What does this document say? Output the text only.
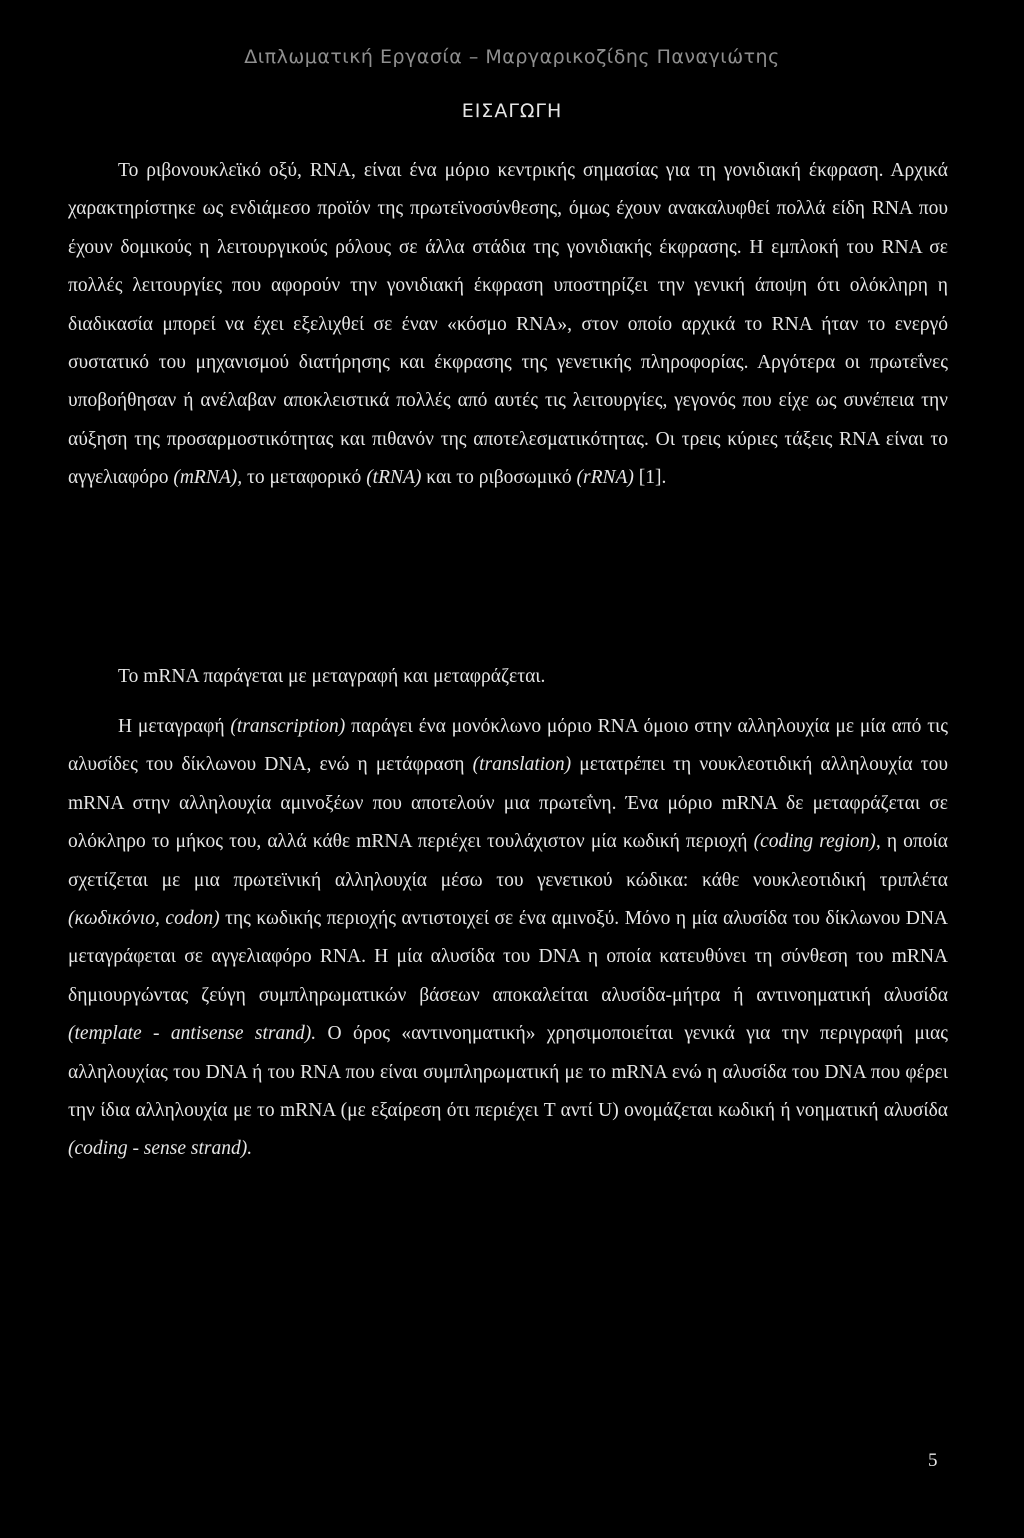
Διπλωματική Εργασία – Μαργαρικοζίδης Παναγιώτης
ΕΙΣΑΓΩΓΗ

Το ριβονουκλεϊκό οξύ, RNA, είναι ένα μόριο κεντρικής σημασίας για τη γονιδιακή έκφραση. Αρχικά χαρακτηρίστηκε ως ενδιάμεσο προϊόν της πρωτεϊνοσύνθεσης, όμως έχουν ανακαλυφθεί πολλά είδη RNA που έχουν δομικούς η λειτουργικούς ρόλους σε άλλα στάδια της γονιδιακής έκφρασης. Η εμπλοκή του RNA σε πολλές λειτουργίες που αφορούν την γονιδιακή έκφραση υποστηρίζει την γενική άποψη ότι ολόκληρη η διαδικασία μπορεί να έχει εξελιχθεί σε έναν «κόσμο RNA», στον οποίο αρχικά το RNA ήταν το ενεργό συστατικό του μηχανισμού διατήρησης και έκφρασης της γενετικής πληροφορίας. Αργότερα οι πρωτεΐνες υποβοήθησαν ή ανέλαβαν αποκλειστικά πολλές από αυτές τις λειτουργίες, γεγονός που είχε ως συνέπεια την αύξηση της προσαρμοστικότητας και πιθανόν της αποτελεσματικότητας. Οι τρεις κύριες τάξεις RNA είναι το αγγελιαφόρο (mRNA), το μεταφορικό (tRNA) και το ριβοσωμικό (rRNA) [1].

Το mRNA παράγεται με μεταγραφή και μεταφράζεται.

Η μεταγραφή (transcription) παράγει ένα μονόκλωνο μόριο RNA όμοιο στην αλληλουχία με μία από τις αλυσίδες του δίκλωνου DNA, ενώ η μετάφραση (translation) μετατρέπει τη νουκλεοτιδική αλληλουχία του mRNA στην αλληλουχία αμινοξέων που αποτελούν μια πρωτεΐνη. Ένα μόριο mRNA δε μεταφράζεται σε ολόκληρο το μήκος του, αλλά κάθε mRNA περιέχει τουλάχιστον μία κωδική περιοχή (coding region), η οποία σχετίζεται με μια πρωτεϊνική αλληλουχία μέσω του γενετικού κώδικα: κάθε νουκλεοτιδική τριπλέτα (κωδικόνιο, codon) της κωδικής περιοχής αντιστοιχεί σε ένα αμινοξύ. Μόνο η μία αλυσίδα του δίκλωνου DNA μεταγράφεται σε αγγελιαφόρο RNA. Η μία αλυσίδα του DNA η οποία κατευθύνει τη σύνθεση του mRNA δημιουργώντας ζεύγη συμπληρωματικών βάσεων αποκαλείται αλυσίδα-μήτρα ή αντινοηματική αλυσίδα (template - antisense strand). Ο όρος «αντινοηματική» χρησιμοποιείται γενικά για την περιγραφή μιας αλληλουχίας του DNA ή του RNA που είναι συμπληρωματική με το mRNA ενώ η αλυσίδα του DNA που φέρει την ίδια αλληλουχία με το mRNA (με εξαίρεση ότι περιέχει T αντί U) ονομάζεται κωδική ή νοηματική αλυσίδα (coding - sense strand).

5
